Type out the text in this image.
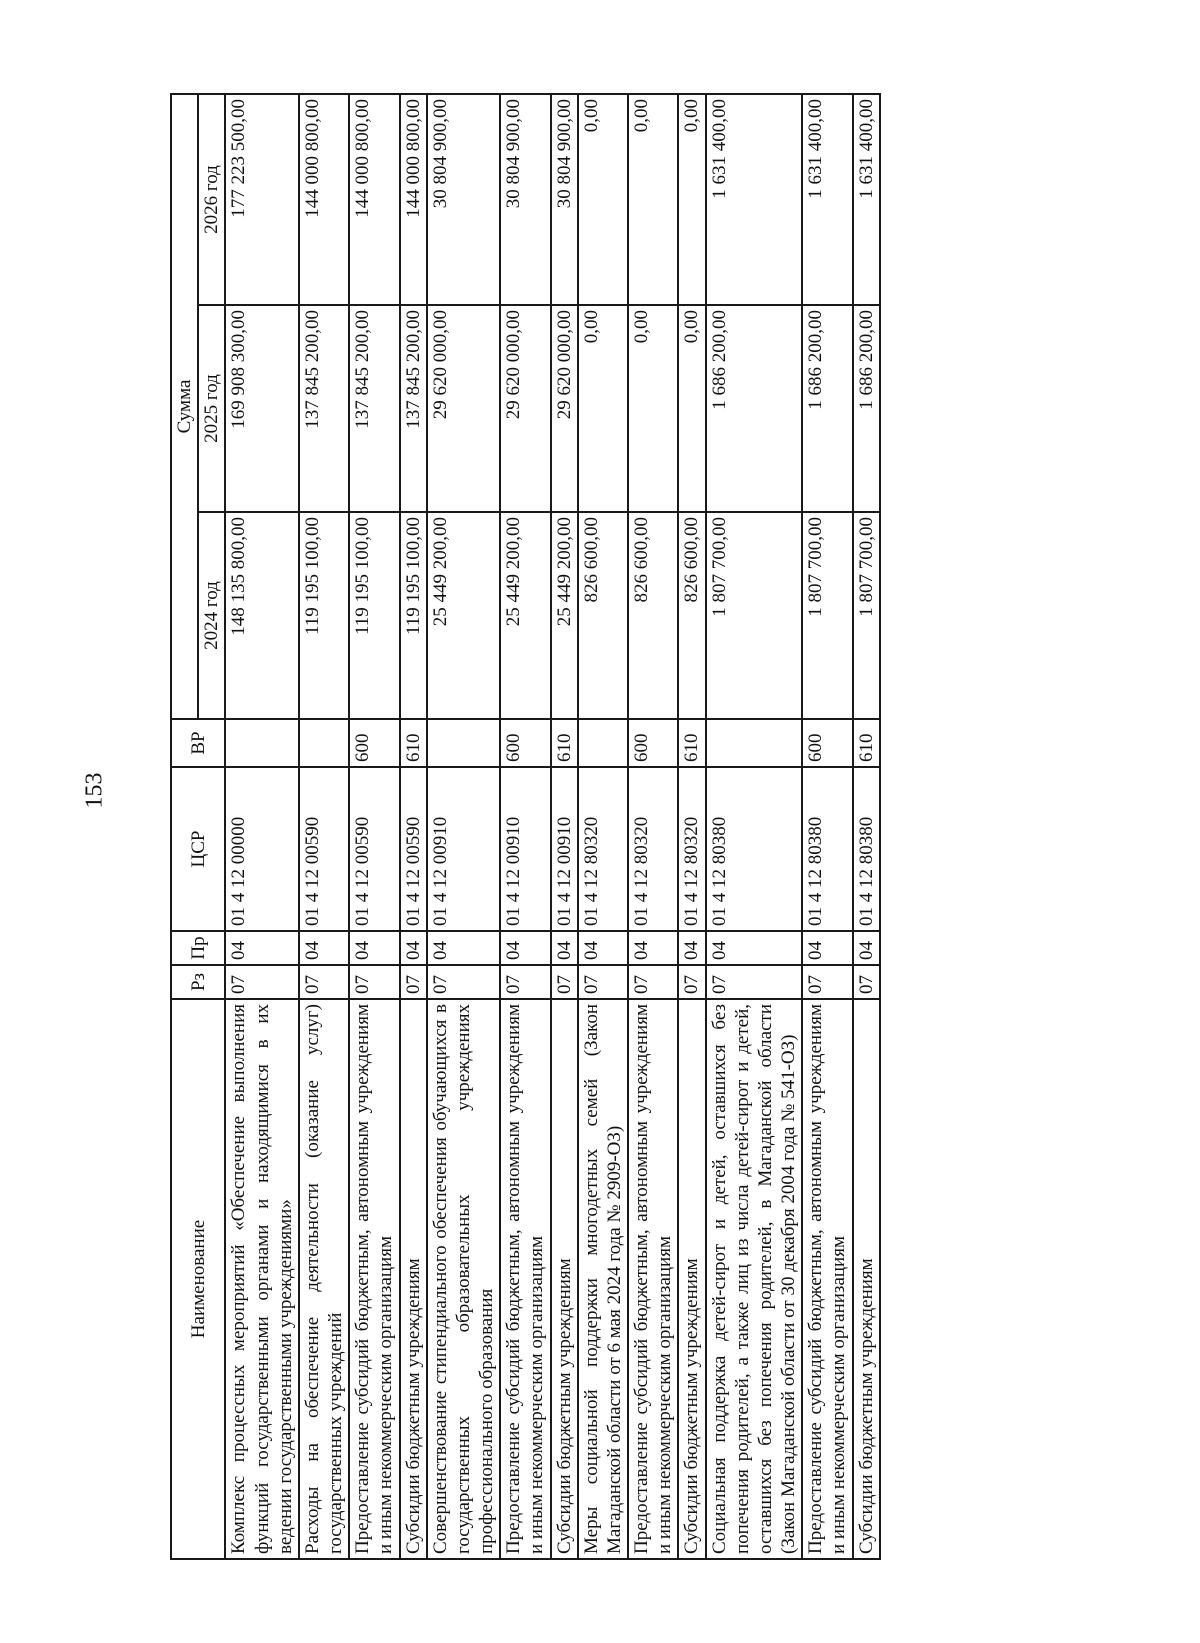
153
Наименование	Рз	Пр	ЦСР	ВР	Сумма		
					2024 год	2025 год	2026 год
Комплекс процессных мероприятий «Обеспечение выполнения функций государственными органами и находящимися в их ведении государственными учреждениями»	07	04	01 4 12 00000		148 135 800,00	169 908 300,00	177 223 500,00
Расходы на обеспечение деятельности (оказание услуг) государственных учреждений	07	04	01 4 12 00590		119 195 100,00	137 845 200,00	144 000 800,00
Предоставление субсидий бюджетным, автономным учреждениям и иным некоммерческим организациям	07	04	01 4 12 00590	600	119 195 100,00	137 845 200,00	144 000 800,00
Субсидии бюджетным учреждениям	07	04	01 4 12 00590	610	119 195 100,00	137 845 200,00	144 000 800,00
Совершенствование стипендиального обеспечения обучающихся в государственных образовательных учреждениях профессионального образования	07	04	01 4 12 00910		25 449 200,00	29 620 000,00	30 804 900,00
Предоставление субсидий бюджетным, автономным учреждениям и иным некоммерческим организациям	07	04	01 4 12 00910	600	25 449 200,00	29 620 000,00	30 804 900,00
Субсидии бюджетным учреждениям	07	04	01 4 12 00910	610	25 449 200,00	29 620 000,00	30 804 900,00
Меры социальной поддержки многодетных семей (Закон Магаданской области от 6 мая 2024 года № 2909-ОЗ)	07	04	01 4 12 80320		826 600,00	0,00	0,00
Предоставление субсидий бюджетным, автономным учреждениям и иным некоммерческим организациям	07	04	01 4 12 80320	600	826 600,00	0,00	0,00
Субсидии бюджетным учреждениям	07	04	01 4 12 80320	610	826 600,00	0,00	0,00
Социальная поддержка детей-сирот и детей, оставшихся без попечения родителей, а также лиц из числа детей-сирот и детей, оставшихся без попечения родителей, в Магаданской области (Закон Магаданской области от 30 декабря 2004 года № 541-ОЗ)	07	04	01 4 12 80380		1 807 700,00	1 686 200,00	1 631 400,00
Предоставление субсидий бюджетным, автономным учреждениям и иным некоммерческим организациям	07	04	01 4 12 80380	600	1 807 700,00	1 686 200,00	1 631 400,00
Субсидии бюджетным учреждениям	07	04	01 4 12 80380	610	1 807 700,00	1 686 200,00	1 631 400,00
